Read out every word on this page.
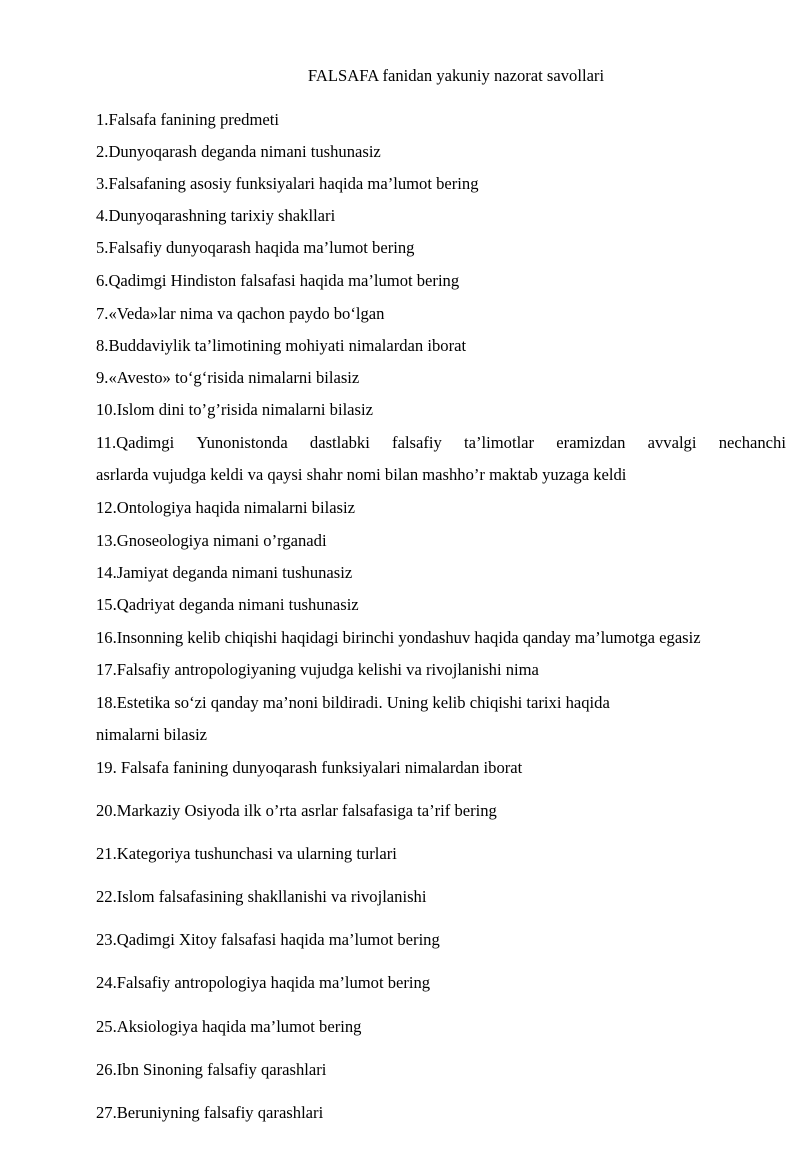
FALSAFA fanidan yakuniy nazorat savollari
1.Falsafa fanining predmeti
2.Dunyoqarash deganda nimani tushunasiz
3.Falsafaning asosiy funksiyalari haqida ma’lumot bering
4.Dunyoqarashning tarixiy shakllari
5.Falsafiy dunyoqarash haqida ma’lumot bering
6.Qadimgi Hindiston falsafasi haqida ma’lumot bering
7.«Veda»lar nima va qachon paydo bo‘lgan
8.Buddaviylik ta’limotining mohiyati nimalardan iborat
9.«Avesto» to‘g‘risida nimalarni bilasiz
10.Islom dini to’g’risida nimalarni bilasiz
11.Qadimgi Yunonistonda dastlabki falsafiy ta’limotlar eramizdan avvalgi nechanchi
asrlarda vujudga keldi va qaysi shahr nomi bilan mashho’r maktab yuzaga keldi
12.Ontologiya haqida nimalarni bilasiz
13.Gnoseologiya nimani o’rganadi
14.Jamiyat deganda nimani tushunasiz
15.Qadriyat deganda nimani tushunasiz
16.Insonning kelib chiqishi haqidagi birinchi yondashuv haqida qanday ma’lumotga egasiz
17.Falsafiy antropologiyaning vujudga kelishi va rivojlanishi nima
18.Estetika so‘zi qanday ma’noni bildiradi. Uning kelib chiqishi tarixi haqida
nimalarni bilasiz
19. Falsafa fanining dunyoqarash funksiyalari nimalardan iborat
20.Markaziy Osiyoda ilk o’rta asrlar falsafasiga ta’rif bering
21.Kategoriya tushunchasi va ularning turlari
22.Islom falsafasining shakllanishi va rivojlanishi
23.Qadimgi Xitoy falsafasi haqida ma’lumot bering
24.Falsafiy antropologiya haqida ma’lumot bering
25.Aksiologiya haqida ma’lumot bering
26.Ibn Sinoning falsafiy qarashlari
27.Beruniyning falsafiy qarashlari
